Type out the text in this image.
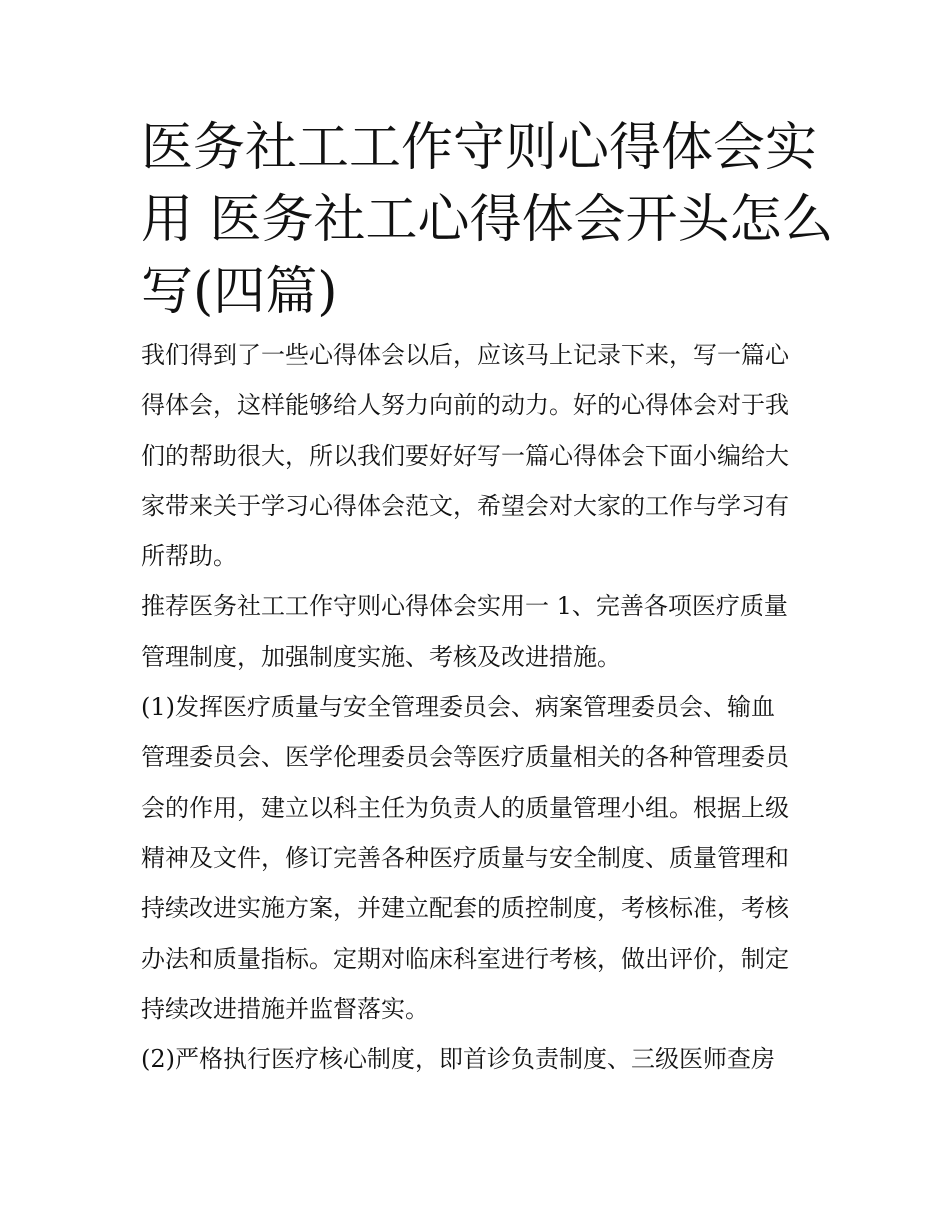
医务社工工作守则心得体会实
用 医务社工心得体会开头怎么
写(四篇)

我们得到了一些心得体会以后，应该马上记录下来，写一篇心
得体会，这样能够给人努力向前的动力。好的心得体会对于我
们的帮助很大，所以我们要好好写一篇心得体会下面小编给大
家带来关于学习心得体会范文，希望会对大家的工作与学习有
所帮助。

推荐医务社工工作守则心得体会实用一 1、完善各项医疗质量
管理制度，加强制度实施、考核及改进措施。

(1)发挥医疗质量与安全管理委员会、病案管理委员会、输血
管理委员会、医学伦理委员会等医疗质量相关的各种管理委员
会的作用，建立以科主任为负责人的质量管理小组。根据上级
精神及文件，修订完善各种医疗质量与安全制度、质量管理和
持续改进实施方案，并建立配套的质控制度，考核标准，考核
办法和质量指标。定期对临床科室进行考核，做出评价，制定
持续改进措施并监督落实。

(2)严格执行医疗核心制度，即首诊负责制度、三级医师查房
